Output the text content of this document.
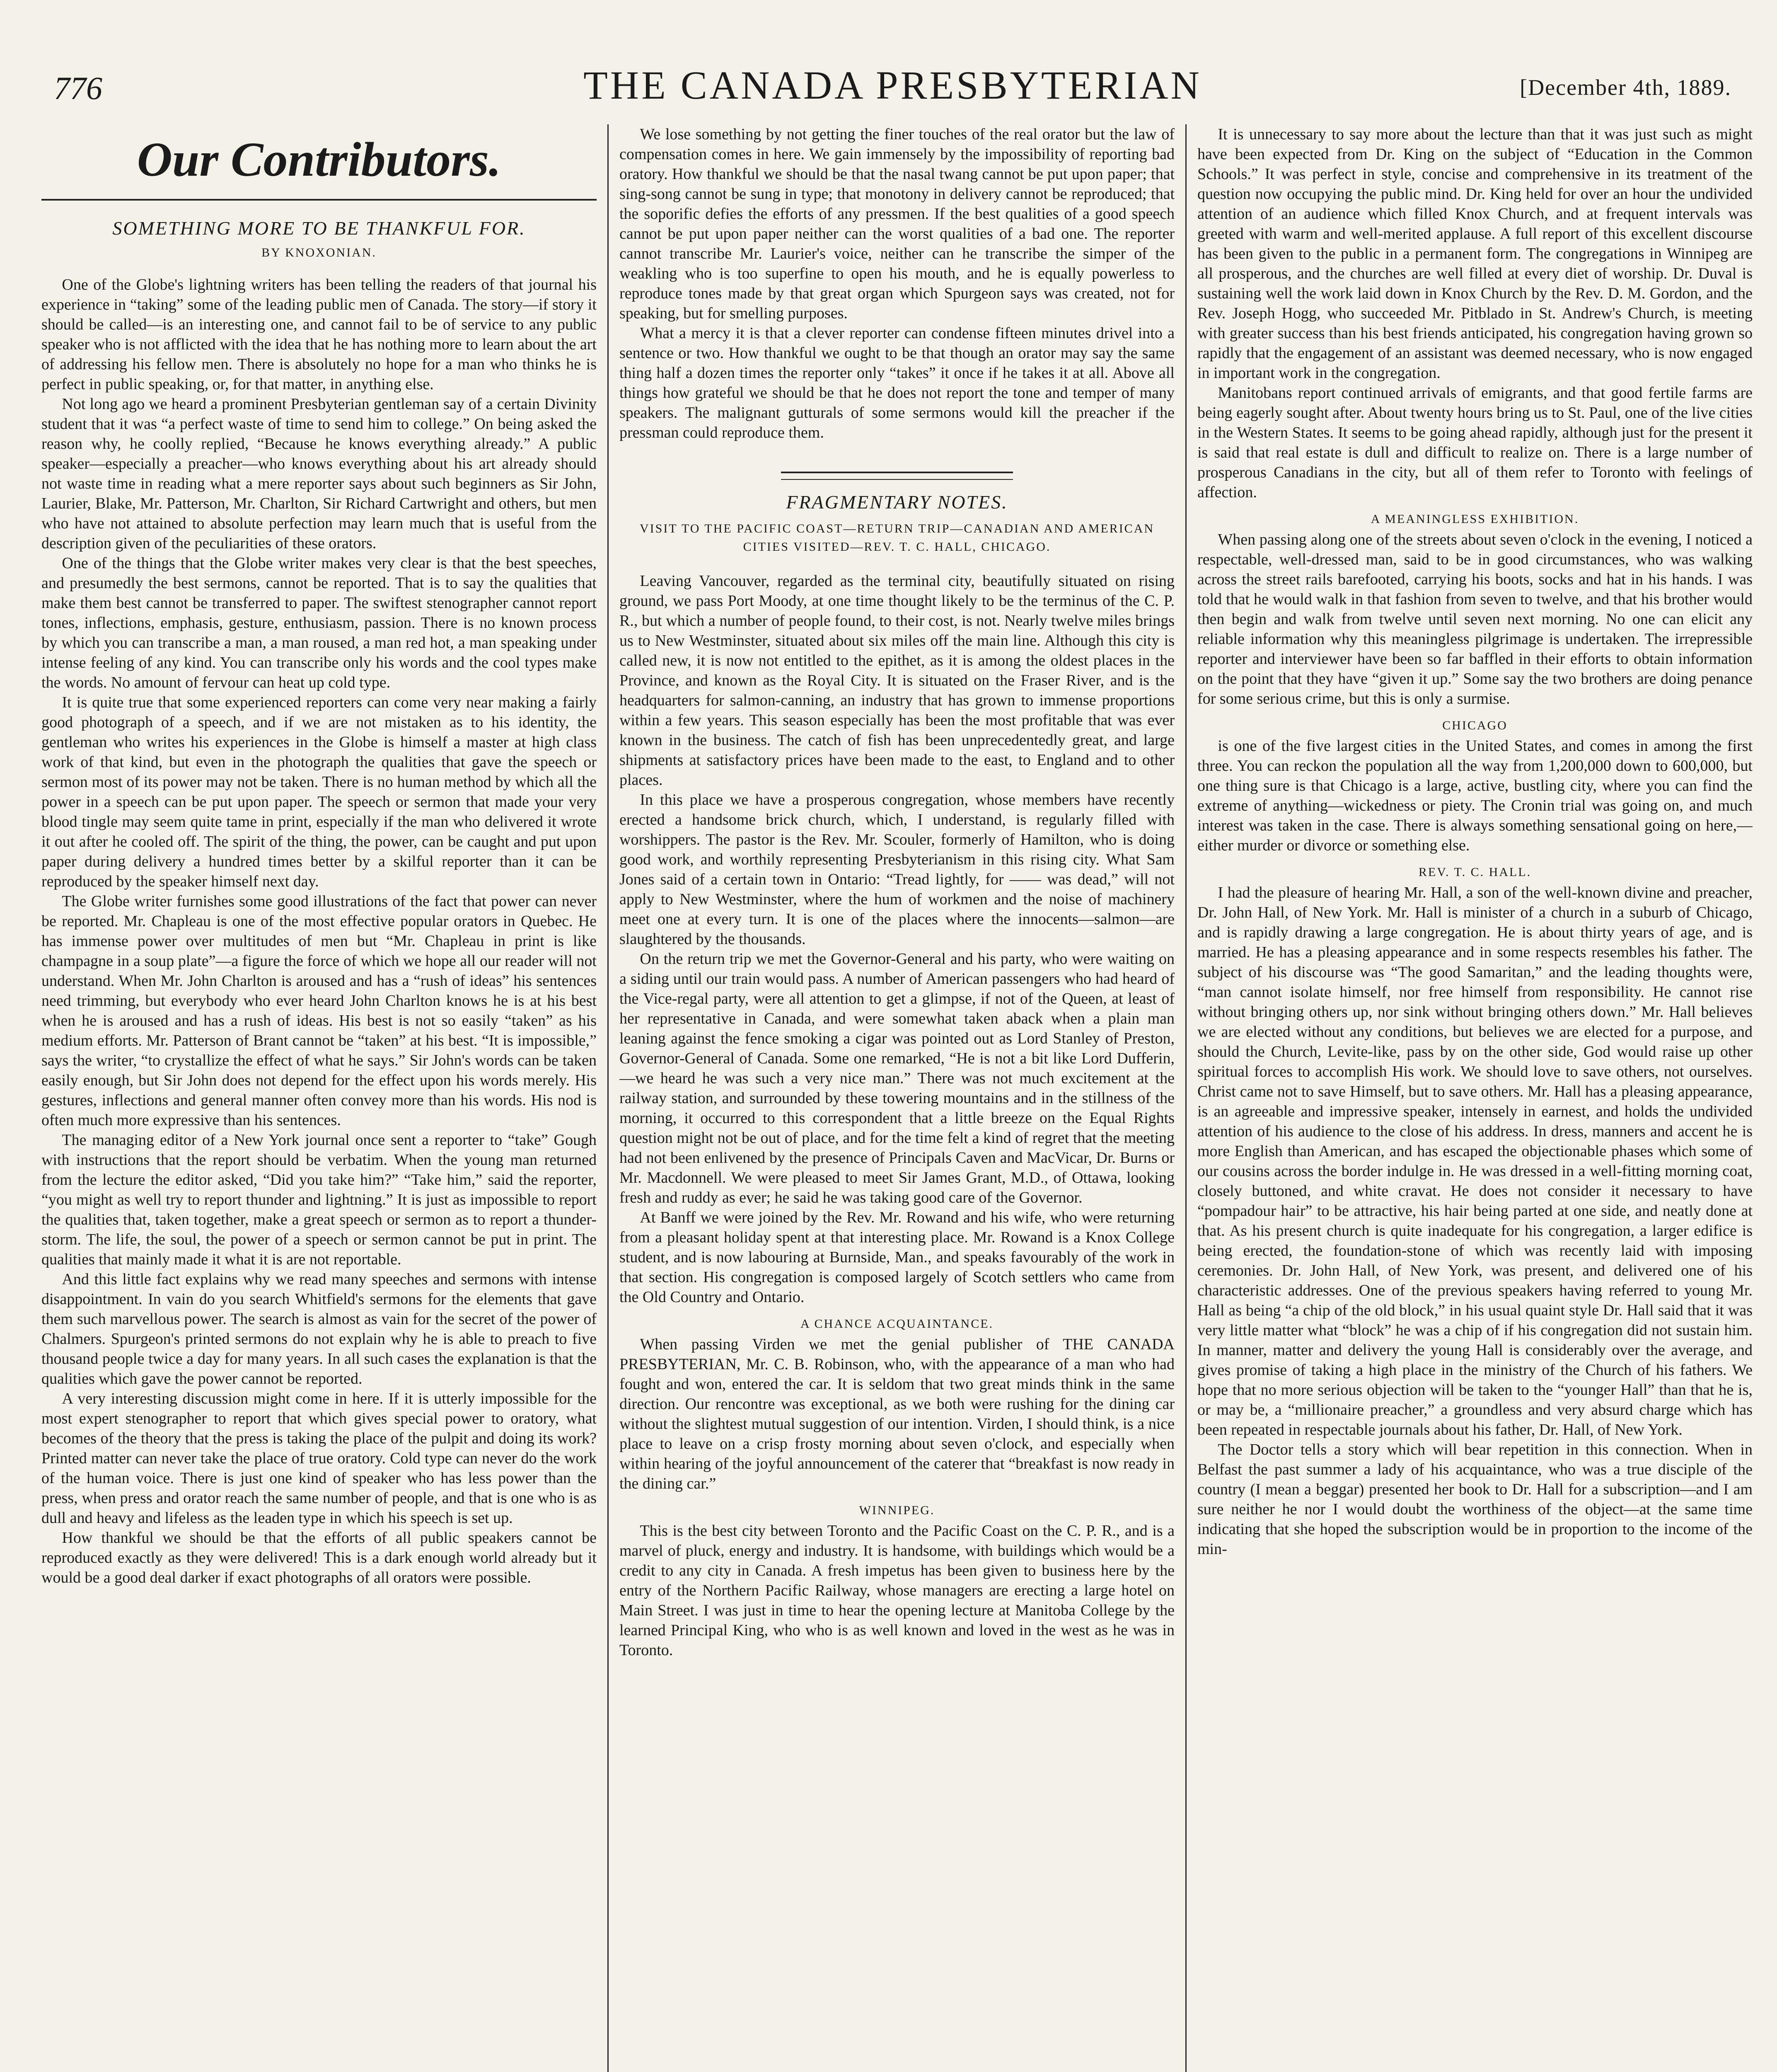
776	THE CANADA PRESBYTERIAN	[December 4th, 1889.
Our Contributors.
SOMETHING MORE TO BE THANKFUL FOR.
BY KNOXONIAN.

One of the Globe's lightning writers has been telling the readers of that journal his experience in “taking” some of the leading public men of Canada. The story—if story it should be called—is an interesting one, and cannot fail to be of service to any public speaker who is not afflicted with the idea that he has nothing more to learn about the art of addressing his fellow men. There is absolutely no hope for a man who thinks he is perfect in public speaking, or, for that matter, in anything else.

Not long ago we heard a prominent Presbyterian gentleman say of a certain Divinity student that it was “a perfect waste of time to send him to college.” On being asked the reason why, he coolly replied, “Because he knows everything already.” A public speaker—especially a preacher—who knows everything about his art already should not waste time in reading what a mere reporter says about such beginners as Sir John, Laurier, Blake, Mr. Patterson, Mr. Charlton, Sir Richard Cartwright and others, but men who have not attained to absolute perfection may learn much that is useful from the description given of the peculiarities of these orators.

One of the things that the Globe writer makes very clear is that the best speeches, and presumedly the best sermons, cannot be reported. That is to say the qualities that make them best cannot be transferred to paper. The swiftest stenographer cannot report tones, inflections, emphasis, gesture, enthusiasm, passion. There is no known process by which you can transcribe a man, a man roused, a man red hot, a man speaking under intense feeling of any kind. You can transcribe only his words and the cool types make the words. No amount of fervour can heat up cold type.

It is quite true that some experienced reporters can come very near making a fairly good photograph of a speech, and if we are not mistaken as to his identity, the gentleman who writes his experiences in the Globe is himself a master at high class work of that kind, but even in the photograph the qualities that gave the speech or sermon most of its power may not be taken. There is no human method by which all the power in a speech can be put upon paper. The speech or sermon that made your very blood tingle may seem quite tame in print, especially if the man who delivered it wrote it out after he cooled off. The spirit of the thing, the power, can be caught and put upon paper during delivery a hundred times better by a skilful reporter than it can be reproduced by the speaker himself next day.

The Globe writer furnishes some good illustrations of the fact that power can never be reported. Mr. Chapleau is one of the most effective popular orators in Quebec. He has immense power over multitudes of men but “Mr. Chapleau in print is like champagne in a soup plate”—a figure the force of which we hope all our reader will not understand. When Mr. John Charlton is aroused and has a “rush of ideas” his sentences need trimming, but everybody who ever heard John Charlton knows he is at his best when he is aroused and has a rush of ideas. His best is not so easily “taken” as his medium efforts. Mr. Patterson of Brant cannot be “taken” at his best. “It is impossible,” says the writer, “to crystallize the effect of what he says.” Sir John's words can be taken easily enough, but Sir John does not depend for the effect upon his words merely. His gestures, inflections and general manner often convey more than his words. His nod is often much more expressive than his sentences.

The managing editor of a New York journal once sent a reporter to “take” Gough with instructions that the report should be verbatim. When the young man returned from the lecture the editor asked, “Did you take him?” “Take him,” said the reporter, “you might as well try to report thunder and lightning.” It is just as impossible to report the qualities that, taken together, make a great speech or sermon as to report a thunder-storm. The life, the soul, the power of a speech or sermon cannot be put in print. The qualities that mainly made it what it is are not reportable.

And this little fact explains why we read many speeches and sermons with intense disappointment. In vain do you search Whitfield's sermons for the elements that gave them such marvellous power. The search is almost as vain for the secret of the power of Chalmers. Spurgeon's printed sermons do not explain why he is able to preach to five thousand people twice a day for many years. In all such cases the explanation is that the qualities which gave the power cannot be reported.

A very interesting discussion might come in here. If it is utterly impossible for the most expert stenographer to report that which gives special power to oratory, what becomes of the theory that the press is taking the place of the pulpit and doing its work? Printed matter can never take the place of true oratory. Cold type can never do the work of the human voice. There is just one kind of speaker who has less power than the press, when press and orator reach the same number of people, and that is one who is as dull and heavy and lifeless as the leaden type in which his speech is set up.

How thankful we should be that the efforts of all public speakers cannot be reproduced exactly as they were delivered! This is a dark enough world already but it would be a good deal darker if exact photographs of all orators were possible.

We lose something by not getting the finer touches of the real orator but the law of compensation comes in here. We gain immensely by the impossibility of reporting bad oratory. How thankful we should be that the nasal twang cannot be put upon paper; that sing-song cannot be sung in type; that monotony in delivery cannot be reproduced; that the soporific defies the efforts of any pressmen. If the best qualities of a good speech cannot be put upon paper neither can the worst qualities of a bad one. The reporter cannot transcribe Mr. Laurier's voice, neither can he transcribe the simper of the weakling who is too superfine to open his mouth, and he is equally powerless to reproduce tones made by that great organ which Spurgeon says was created, not for speaking, but for smelling purposes.

What a mercy it is that a clever reporter can condense fifteen minutes drivel into a sentence or two. How thankful we ought to be that though an orator may say the same thing half a dozen times the reporter only “takes” it once if he takes it at all. Above all things how grateful we should be that he does not report the tone and temper of many speakers. The malignant gutturals of some sermons would kill the preacher if the pressman could reproduce them.

FRAGMENTARY NOTES.
VISIT TO THE PACIFIC COAST—RETURN TRIP—CANADIAN AND AMERICAN CITIES VISITED—REV. T. C. HALL, CHICAGO.

Leaving Vancouver, regarded as the terminal city, beautifully situated on rising ground, we pass Port Moody, at one time thought likely to be the terminus of the C. P. R., but which a number of people found, to their cost, is not. Nearly twelve miles brings us to New Westminster, situated about six miles off the main line. Although this city is called new, it is now not entitled to the epithet, as it is among the oldest places in the Province, and known as the Royal City. It is situated on the Fraser River, and is the headquarters for salmon-canning, an industry that has grown to immense proportions within a few years. This season especially has been the most profitable that was ever known in the business. The catch of fish has been unprecedentedly great, and large shipments at satisfactory prices have been made to the east, to England and to other places.

In this place we have a prosperous congregation, whose members have recently erected a handsome brick church, which, I understand, is regularly filled with worshippers. The pastor is the Rev. Mr. Scouler, formerly of Hamilton, who is doing good work, and worthily representing Presbyterianism in this rising city. What Sam Jones said of a certain town in Ontario: “Tread lightly, for —— was dead,” will not apply to New Westminster, where the hum of workmen and the noise of machinery meet one at every turn. It is one of the places where the innocents—salmon—are slaughtered by the thousands.

On the return trip we met the Governor-General and his party, who were waiting on a siding until our train would pass. A number of American passengers who had heard of the Vice-regal party, were all attention to get a glimpse, if not of the Queen, at least of her representative in Canada, and were somewhat taken aback when a plain man leaning against the fence smoking a cigar was pointed out as Lord Stanley of Preston, Governor-General of Canada. Some one remarked, “He is not a bit like Lord Dufferin,—we heard he was such a very nice man.” There was not much excitement at the railway station, and surrounded by these towering mountains and in the stillness of the morning, it occurred to this correspondent that a little breeze on the Equal Rights question might not be out of place, and for the time felt a kind of regret that the meeting had not been enlivened by the presence of Principals Caven and MacVicar, Dr. Burns or Mr. Macdonnell. We were pleased to meet Sir James Grant, M.D., of Ottawa, looking fresh and ruddy as ever; he said he was taking good care of the Governor.

At Banff we were joined by the Rev. Mr. Rowand and his wife, who were returning from a pleasant holiday spent at that interesting place. Mr. Rowand is a Knox College student, and is now labouring at Burnside, Man., and speaks favourably of the work in that section. His congregation is composed largely of Scotch settlers who came from the Old Country and Ontario.

A CHANCE ACQUAINTANCE.

When passing Virden we met the genial publisher of THE CANADA PRESBYTERIAN, Mr. C. B. Robinson, who, with the appearance of a man who had fought and won, entered the car. It is seldom that two great minds think in the same direction. Our rencontre was exceptional, as we both were rushing for the dining car without the slightest mutual suggestion of our intention. Virden, I should think, is a nice place to leave on a crisp frosty morning about seven o'clock, and especially when within hearing of the joyful announcement of the caterer that “breakfast is now ready in the dining car.”

WINNIPEG.

This is the best city between Toronto and the Pacific Coast on the C. P. R., and is a marvel of pluck, energy and industry. It is handsome, with buildings which would be a credit to any city in Canada. A fresh impetus has been given to business here by the entry of the Northern Pacific Railway, whose managers are erecting a large hotel on Main Street. I was just in time to hear the opening lecture at Manitoba College by the learned Principal King, who who is as well known and loved in the west as he was in Toronto.

It is unnecessary to say more about the lecture than that it was just such as might have been expected from Dr. King on the subject of “Education in the Common Schools.” It was perfect in style, concise and comprehensive in its treatment of the question now occupying the public mind. Dr. King held for over an hour the undivided attention of an audience which filled Knox Church, and at frequent intervals was greeted with warm and well-merited applause. A full report of this excellent discourse has been given to the public in a permanent form. The congregations in Winnipeg are all prosperous, and the churches are well filled at every diet of worship. Dr. Duval is sustaining well the work laid down in Knox Church by the Rev. D. M. Gordon, and the Rev. Joseph Hogg, who succeeded Mr. Pitblado in St. Andrew's Church, is meeting with greater success than his best friends anticipated, his congregation having grown so rapidly that the engagement of an assistant was deemed necessary, who is now engaged in important work in the congregation.

Manitobans report continued arrivals of emigrants, and that good fertile farms are being eagerly sought after. About twenty hours bring us to St. Paul, one of the live cities in the Western States. It seems to be going ahead rapidly, although just for the present it is said that real estate is dull and difficult to realize on. There is a large number of prosperous Canadians in the city, but all of them refer to Toronto with feelings of affection.

A MEANINGLESS EXHIBITION.

When passing along one of the streets about seven o'clock in the evening, I noticed a respectable, well-dressed man, said to be in good circumstances, who was walking across the street rails barefooted, carrying his boots, socks and hat in his hands. I was told that he would walk in that fashion from seven to twelve, and that his brother would then begin and walk from twelve until seven next morning. No one can elicit any reliable information why this meaningless pilgrimage is undertaken. The irrepressible reporter and interviewer have been so far baffled in their efforts to obtain information on the point that they have “given it up.” Some say the two brothers are doing penance for some serious crime, but this is only a surmise.

CHICAGO

is one of the five largest cities in the United States, and comes in among the first three. You can reckon the population all the way from 1,200,000 down to 600,000, but one thing sure is that Chicago is a large, active, bustling city, where you can find the extreme of anything—wickedness or piety. The Cronin trial was going on, and much interest was taken in the case. There is always something sensational going on here,—either murder or divorce or something else.

REV. T. C. HALL.

I had the pleasure of hearing Mr. Hall, a son of the well-known divine and preacher, Dr. John Hall, of New York. Mr. Hall is minister of a church in a suburb of Chicago, and is rapidly drawing a large congregation. He is about thirty years of age, and is married. He has a pleasing appearance and in some respects resembles his father. The subject of his discourse was “The good Samaritan,” and the leading thoughts were, “man cannot isolate himself, nor free himself from responsibility. He cannot rise without bringing others up, nor sink without bringing others down.” Mr. Hall believes we are elected without any conditions, but believes we are elected for a purpose, and should the Church, Levite-like, pass by on the other side, God would raise up other spiritual forces to accomplish His work. We should love to save others, not ourselves. Christ came not to save Himself, but to save others. Mr. Hall has a pleasing appearance, is an agreeable and impressive speaker, intensely in earnest, and holds the undivided attention of his audience to the close of his address. In dress, manners and accent he is more English than American, and has escaped the objectionable phases which some of our cousins across the border indulge in. He was dressed in a well-fitting morning coat, closely buttoned, and white cravat. He does not consider it necessary to have “pompadour hair” to be attractive, his hair being parted at one side, and neatly done at that. As his present church is quite inadequate for his congregation, a larger edifice is being erected, the foundation-stone of which was recently laid with imposing ceremonies. Dr. John Hall, of New York, was present, and delivered one of his characteristic addresses. One of the previous speakers having referred to young Mr. Hall as being “a chip of the old block,” in his usual quaint style Dr. Hall said that it was very little matter what “block” he was a chip of if his congregation did not sustain him. In manner, matter and delivery the young Hall is considerably over the average, and gives promise of taking a high place in the ministry of the Church of his fathers. We hope that no more serious objection will be taken to the “younger Hall” than that he is, or may be, a “millionaire preacher,” a groundless and very absurd charge which has been repeated in respectable journals about his father, Dr. Hall, of New York.

The Doctor tells a story which will bear repetition in this connection. When in Belfast the past summer a lady of his acquaintance, who was a true disciple of the country (I mean a beggar) presented her book to Dr. Hall for a subscription—and I am sure neither he nor I would doubt the worthiness of the object—at the same time indicating that she hoped the subscription would be in proportion to the income of the min-
